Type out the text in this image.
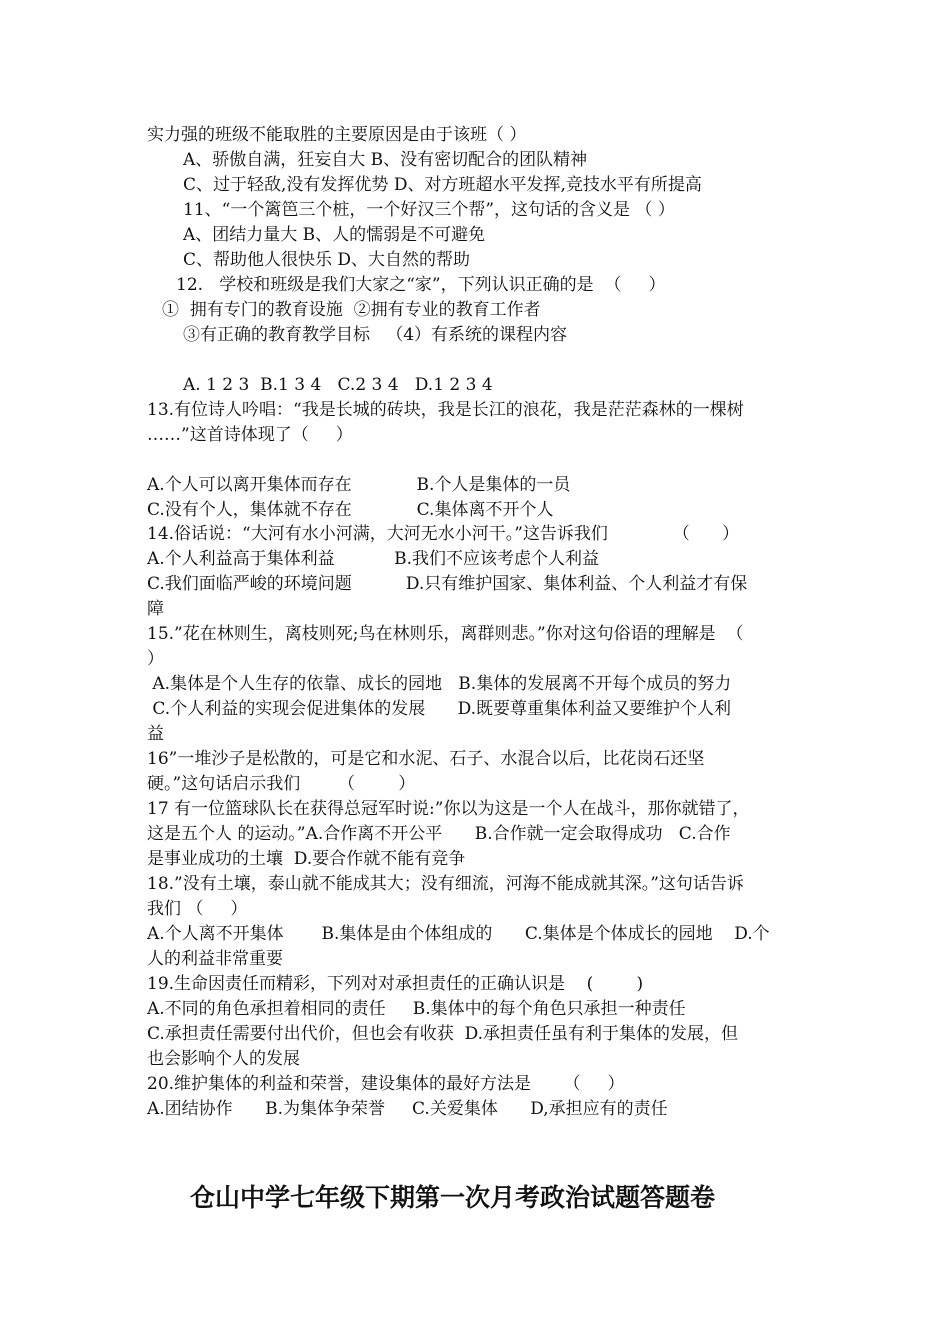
实力强的班级不能取胜的主要原因是由于该班（ ）
A、骄傲自满，狂妄自大 B、没有密切配合的团队精神
C、过于轻敌,没有发挥优势 D、对方班超水平发挥,竞技水平有所提高
11、“一个篱笆三个桩，一个好汉三个帮”，这句话的含义是 （ ）
A、团结力量大 B、人的懦弱是不可避免
C、帮助他人很快乐 D、大自然的帮助
12.   学校和班级是我们大家之“家”，下列认识正确的是  （     ）
①  拥有专门的教育设施  ②拥有专业的教育工作者
③有正确的教育教学目标   （4）有系统的课程内容
A. 1 2 3  B.1 3 4   C.2 3 4   D.1 2 3 4
13.有位诗人吟唱：“我是长城的砖块，我是长江的浪花，我是茫茫森林的一棵树
……”这首诗体现了（     ）
A.个人可以离开集体而存在            B.个人是集体的一员
C.没有个人，集体就不存在            C.集体离不开个人
14.俗话说：“大河有水小河满，大河无水小河干。”这告诉我们            （      ）
A.个人利益高于集体利益           B.我们不应该考虑个人利益
C.我们面临严峻的环境问题          D.只有维护国家、集体利益、个人利益才有保
障
15.”花在林则生，离枝则死;鸟在林则乐，离群则悲。”你对这句俗语的理解是  （
）
A.集体是个人生存的依靠、成长的园地   B.集体的发展离不开每个成员的努力
C.个人利益的实现会促进集体的发展      D.既要尊重集体利益又要维护个人利
益
16”一堆沙子是松散的，可是它和水泥、石子、水混合以后，比花岗石还坚
硬。”这句话启示我们       （        ）
17 有一位篮球队长在获得总冠军时说:”你以为这是一个人在战斗，那你就错了，
这是五个人 的运动。”A.合作离不开公平      B.合作就一定会取得成功   C.合作
是事业成功的土壤  D.要合作就不能有竞争
18.”没有土壤，泰山就不能成其大；没有细流，河海不能成就其深。”这句话告诉
我们 （     ）
A.个人离不开集体       B.集体是由个体组成的      C.集体是个体成长的园地    D.个
人的利益非常重要
19.生命因责任而精彩，下列对对承担责任的正确认识是    (        )
A.不同的角色承担着相同的责任     B.集体中的每个角色只承担一种责任
C.承担责任需要付出代价，但也会有收获  D.承担责任虽有利于集体的发展，但
也会影响个人的发展
20.维护集体的利益和荣誉，建设集体的最好方法是      （     ）
A.团结协作      B.为集体争荣誉     C.关爱集体      D,承担应有的责任
仓山中学七年级下期第一次月考政治试题答题卷
